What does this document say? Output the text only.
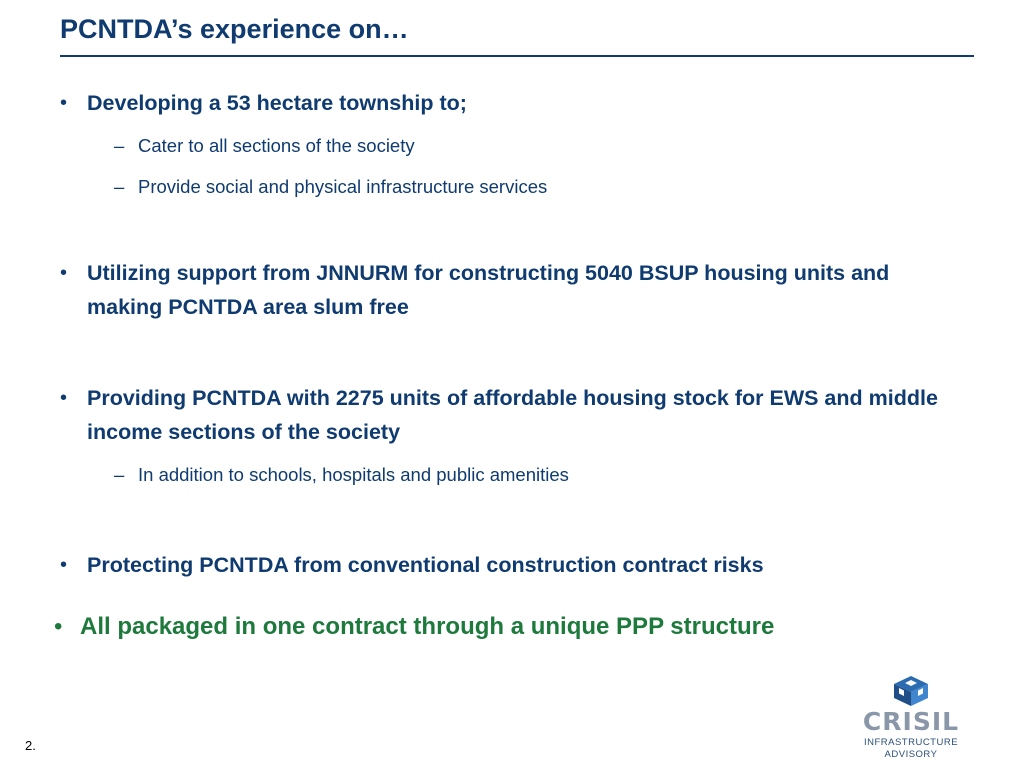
PCNTDA’s experience on…
• Developing a 53 hectare township to;
– Cater to all sections of the society
– Provide social and physical infrastructure services
• Utilizing support from JNNURM for constructing 5040 BSUP housing units and making PCNTDA area slum free
• Providing PCNTDA with 2275 units of affordable housing stock for EWS and middle income sections of the society
– In addition to schools, hospitals and public amenities
• Protecting PCNTDA from conventional construction contract risks
• All packaged in one contract through a unique PPP structure
2.
CRISIL
INFRASTRUCTURE
ADVISORY
